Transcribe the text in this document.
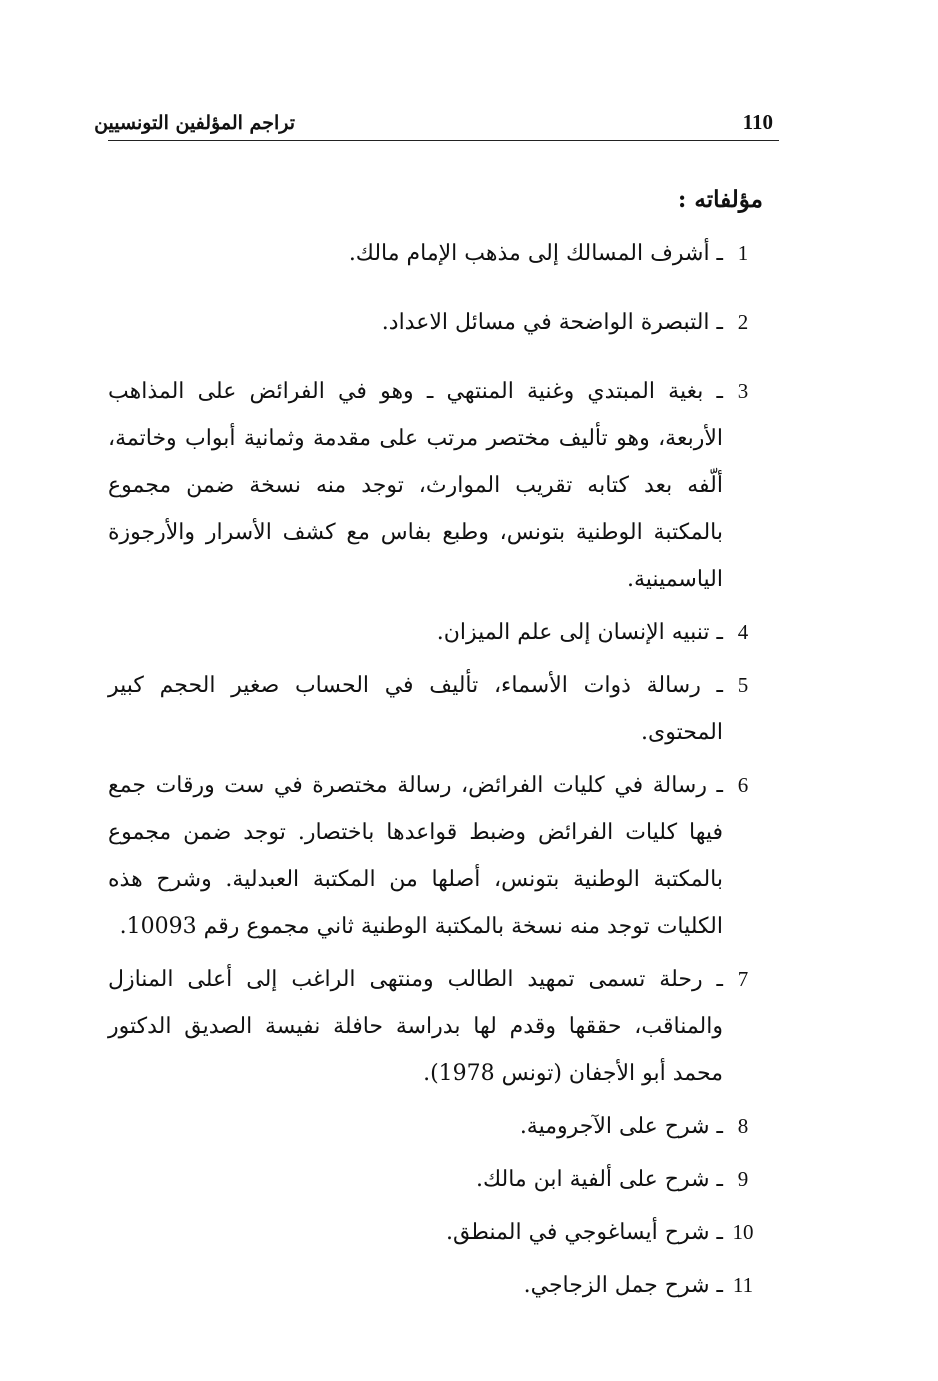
تراجم المؤلفين التونسيين	110
مؤلفاته :
1
ـ أشرف المسالك إلى مذهب الإمام مالك.
2
ـ التبصرة الواضحة في مسائل الاعداد.
3
ـ بغية المبتدي وغنية المنتهي ـ وهو في الفرائض على المذاهب الأربعة، وهو تأليف مختصر مرتب على مقدمة وثمانية أبواب وخاتمة، ألّفه بعد كتابه تقريب الموارث، توجد منه نسخة ضمن مجموع بالمكتبة الوطنية بتونس، وطبع بفاس مع كشف الأسرار والأرجوزة الياسمينية.
4
ـ تنبيه الإنسان إلى علم الميزان.
5
ـ رسالة ذوات الأسماء، تأليف في الحساب صغير الحجم كبير المحتوى.
6
ـ رسالة في كليات الفرائض، رسالة مختصرة في ست ورقات جمع فيها كليات الفرائض وضبط قواعدها باختصار. توجد ضمن مجموع بالمكتبة الوطنية بتونس، أصلها من المكتبة العبدلية. وشرح هذه الكليات توجد منه نسخة بالمكتبة الوطنية ثاني مجموع رقم 10093.
7
ـ رحلة تسمى تمهيد الطالب ومنتهى الراغب إلى أعلى المنازل والمناقب، حققها وقدم لها بدراسة حافلة نفيسة الصديق الدكتور محمد أبو الأجفان (تونس 1978).
8
ـ شرح على الآجرومية.
9
ـ شرح على ألفية ابن مالك.
10
ـ شرح أيساغوجي في المنطق.
11
ـ شرح جمل الزجاجي.
